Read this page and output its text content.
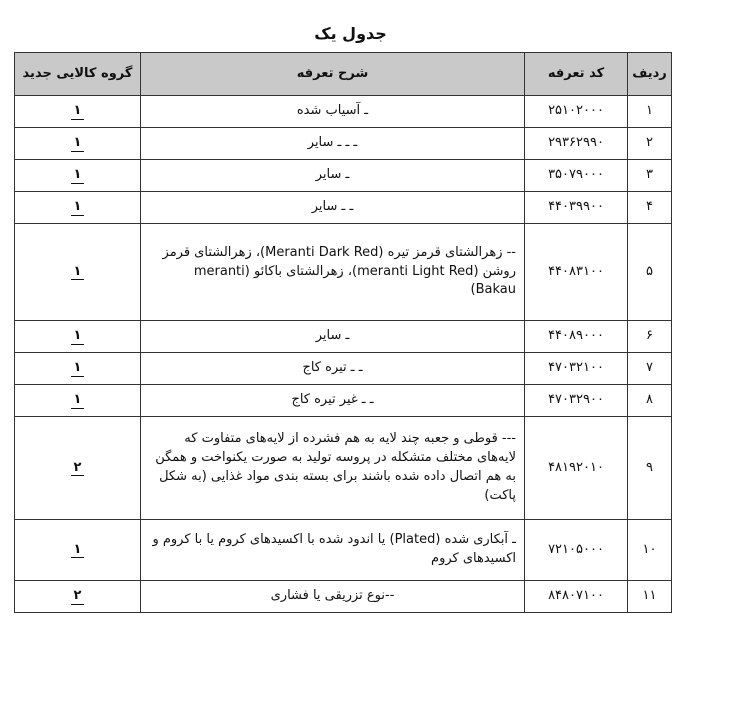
جدول یک
ردیف	کد تعرفه	شرح تعرفه	گروه کالایی جدید
۱	۲۵۱۰۲۰۰۰	ـ آسیاب شده	۱
۲	۲۹۳۶۲۹۹۰	ـ ـ ـ سایر	۱
۳	۳۵۰۷۹۰۰۰	ـ سایر	۱
۴	۴۴۰۳۹۹۰۰	ـ ـ سایر	۱
۵	۴۴۰۸۳۱۰۰	-- زهرالشتای قرمز تیره (Meranti Dark Red)، زهرالشتای قرمز روشن (meranti Light Red)، زهرالشتای باکائو (meranti Bakau)	۱
۶	۴۴۰۸۹۰۰۰	ـ سایر	۱
۷	۴۷۰۳۲۱۰۰	ـ ـ تیره کاج	۱
۸	۴۷۰۳۲۹۰۰	ـ ـ غیر تیره کاج	۱
۹	۴۸۱۹۲۰۱۰	--- قوطی و جعبه چند لایه به هم فشرده از لایه‌های متفاوت که لایه‌های مختلف متشکله در پروسه تولید به صورت یکنواخت و همگن به هم اتصال داده شده باشند برای بسته بندی مواد غذایی (به شکل پاکت)	۲
۱۰	۷۲۱۰۵۰۰۰	ـ آبکاری شده (Plated) یا اندود شده با اکسیدهای کروم یا با کروم و اکسیدهای کروم	۱
۱۱	۸۴۸۰۷۱۰۰	--نوع تزریقی یا فشاری	۲
